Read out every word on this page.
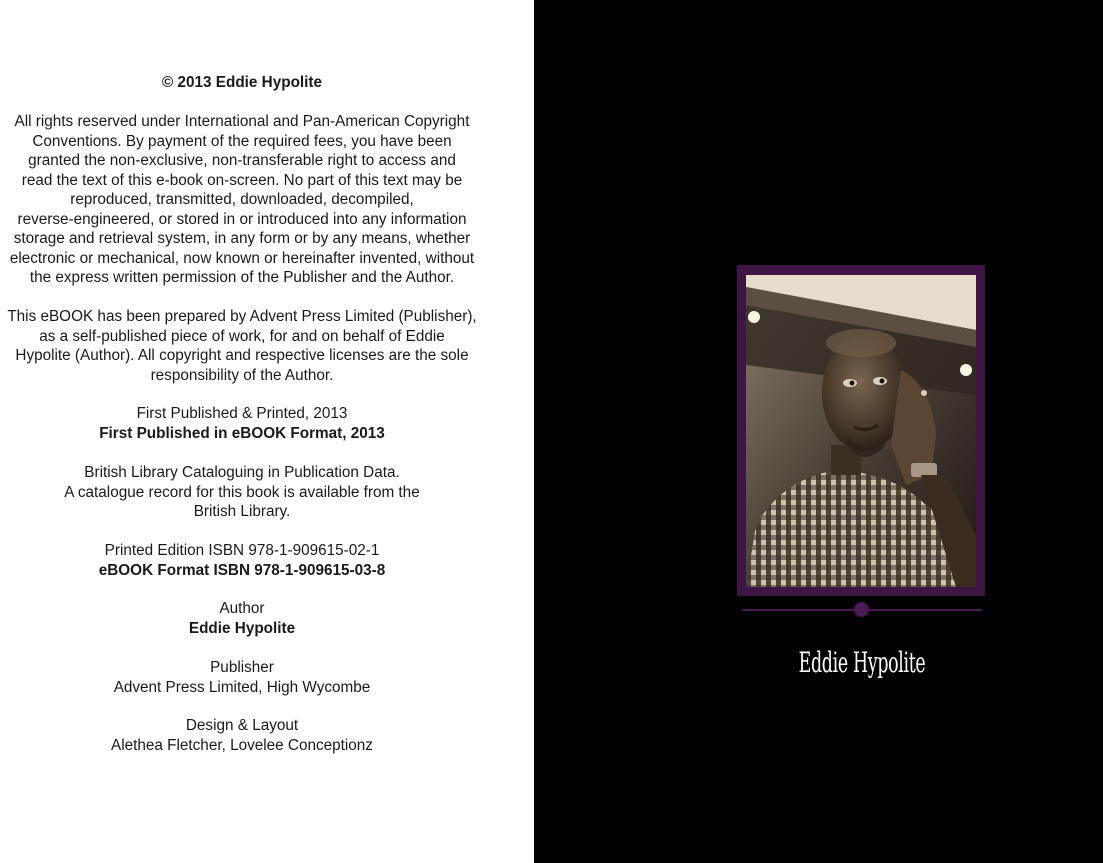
© 2013 Eddie Hypolite

All rights reserved under International and Pan-American Copyright

Conventions. By payment of the required fees, you have been

granted the non-exclusive, non-transferable right to access and

read the text of this e-book on-screen. No part of this text may be

reproduced, transmitted, downloaded, decompiled,

reverse-engineered, or stored in or introduced into any information

storage and retrieval system, in any form or by any means, whether

electronic or mechanical, now known or hereinafter invented, without

the express written permission of the Publisher and the Author.

This eBOOK has been prepared by Advent Press Limited (Publisher),

as a self-published piece of work, for and on behalf of Eddie

Hypolite (Author). All copyright and respective licenses are the sole

responsibility of the Author.

First Published & Printed, 2013

First Published in eBOOK Format, 2013

British Library Cataloguing in Publication Data.

A catalogue record for this book is available from the

British Library.

Printed Edition ISBN 978-1-909615-02-1

eBOOK Format ISBN 978-1-909615-03-8

Author

Eddie Hypolite

Publisher

Advent Press Limited, High Wycombe

Design & Layout

Alethea Fletcher, Lovelee Conceptionz

Eddie Hypolite
